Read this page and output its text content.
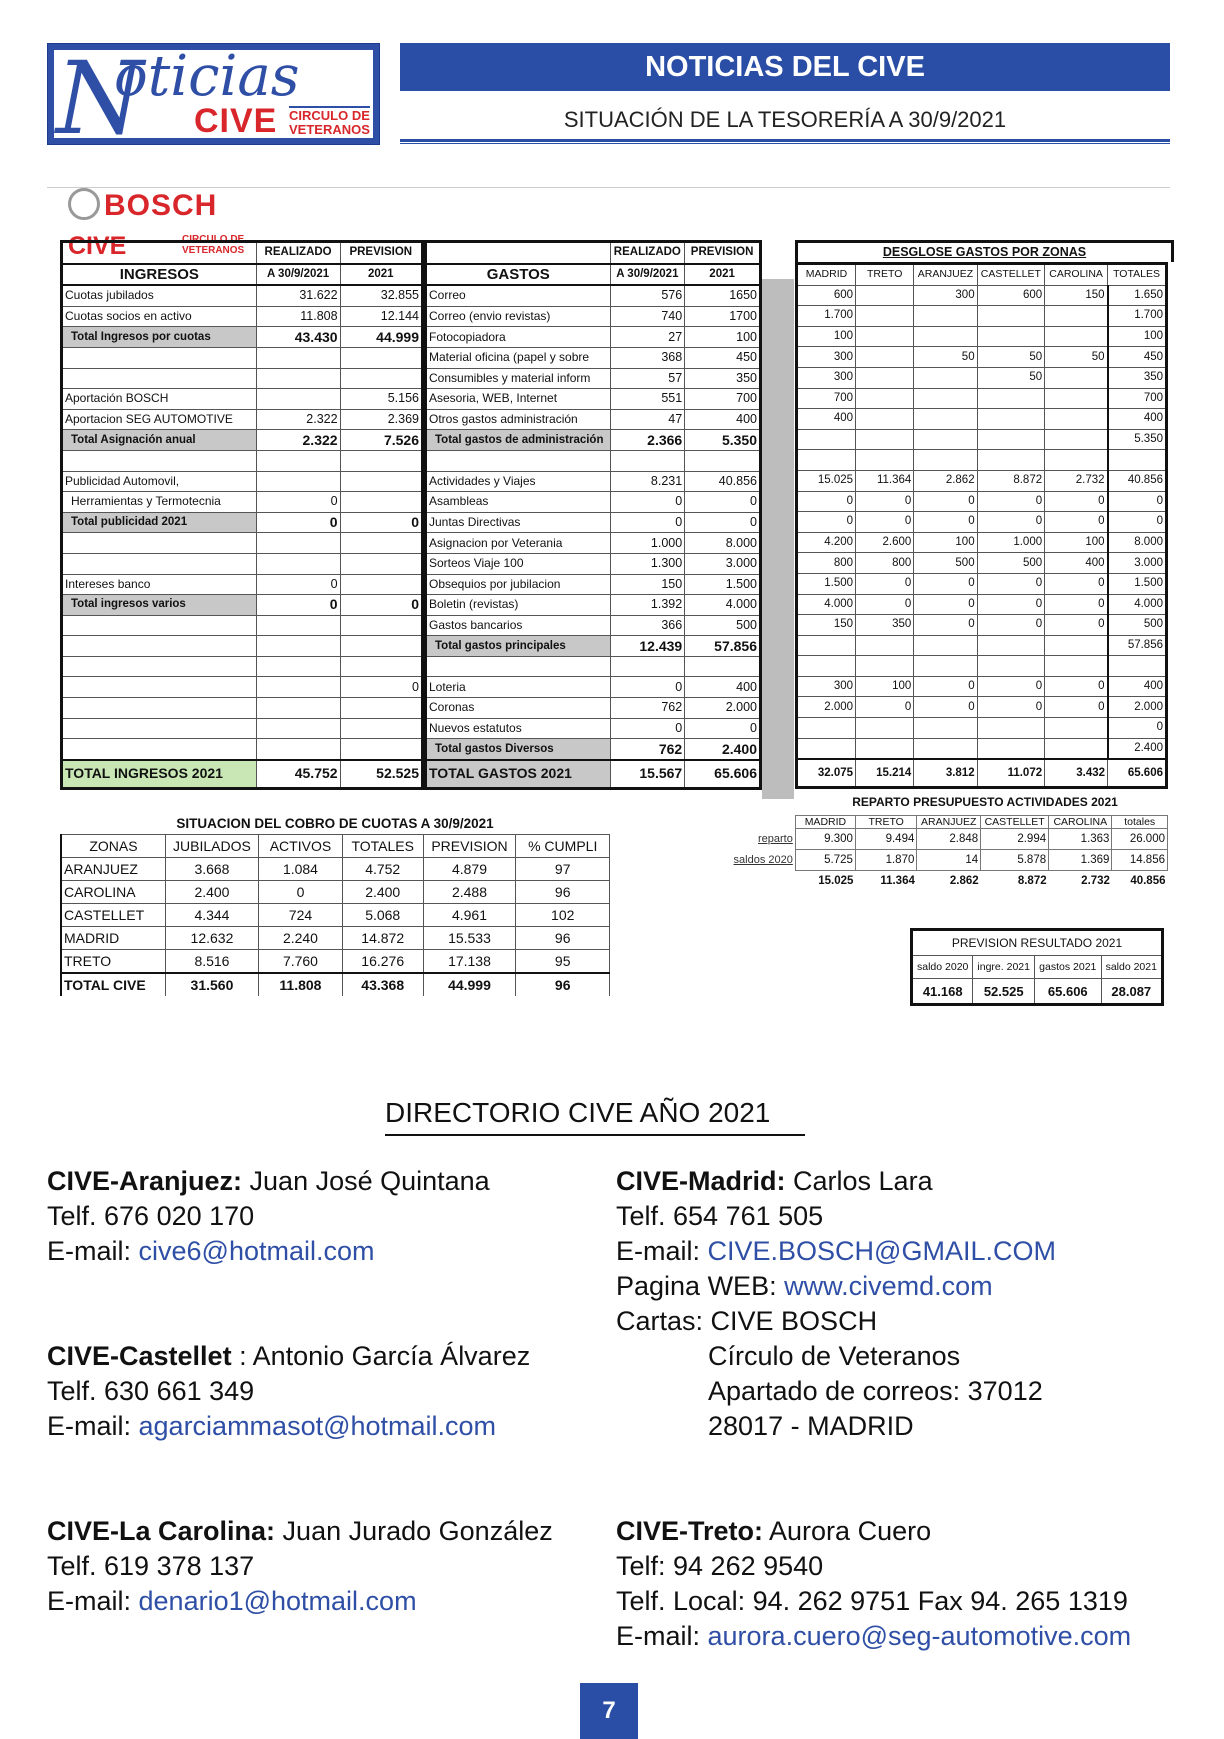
N
oticias
CIVE CIRCULO DE
VETERANOS
NOTICIAS DEL CIVE
SITUACIÓN DE LA TESORERÍA A 30/9/2021
BOSCH
CIVE	CIRCULO DE
VETERANOS
	REALIZADO	PREVISION
INGRESOS	A 30/9/2021	2021
Cuotas jubilados	31.622	32.855
Cuotas socios en activo	11.808	12.144
Total Ingresos por cuotas	43.430	44.999

Aportación BOSCH		5.156
Aportacion SEG AUTOMOTIVE	2.322	2.369
Total Asignación anual	2.322	7.526

Publicidad Automovil,		
Herramientas y Termotecnia	0	
Total publicidad 2021	0	0

Intereses banco	0	
Total ingresos varios	0	0

		0

TOTAL INGRESOS 2021	45.752	52.525
	REALIZADO	PREVISION
GASTOS	A 30/9/2021	2021
Correo	576	1650
Correo (envio revistas)	740	1700
Fotocopiadora	27	100
Material oficina (papel y sobre	368	450
Consumibles y material inform	57	350
Asesoria, WEB, Internet	551	700
Otros gastos administración	47	400
Total gastos de administración	2.366	5.350

Actividades y Viajes	8.231	40.856
Asambleas	0	0
Juntas Directivas	0	0
Asignacion por Veterania	1.000	8.000
Sorteos Viaje 100	1.300	3.000
Obsequios por jubilacion	150	1.500
Boletin (revistas)	1.392	4.000
Gastos bancarios	366	500
Total gastos principales	12.439	57.856

Loteria	0	400
Coronas	762	2.000
Nuevos estatutos	0	0
Total gastos Diversos	762	2.400
TOTAL GASTOS 2021	15.567	65.606
DESGLOSE GASTOS POR ZONAS
MADRID	TRETO	ARANJUEZ	CASTELLET	CAROLINA	TOTALES
600		300	600	150	1.650
1.700					1.700
100					100
300		50	50	50	450
300			50		350
700					700
400					400
					5.350

15.025	11.364	2.862	8.872	2.732	40.856
0	0	0	0	0	0
0	0	0	0	0	0
4.200	2.600	100	1.000	100	8.000
800	800	500	500	400	3.000
1.500	0	0	0	0	1.500
4.000	0	0	0	0	4.000
150	350	0	0	0	500
					57.856

300	100	0	0	0	400
2.000	0	0	0	0	2.000
					0
					2.400
32.075	15.214	3.812	11.072	3.432	65.606
REPARTO PRESUPUESTO ACTIVIDADES 2021
	MADRID	TRETO	ARANJUEZ	CASTELLET	CAROLINA	totales
reparto	9.300	9.494	2.848	2.994	1.363	26.000
saldos 2020	5.725	1.870	14	5.878	1.369	14.856
	15.025	11.364	2.862	8.872	2.732	40.856
SITUACION DEL COBRO DE CUOTAS A 30/9/2021
ZONAS	JUBILADOS	ACTIVOS	TOTALES	PREVISION	% CUMPLI
ARANJUEZ	3.668	1.084	4.752	4.879	97
CAROLINA	2.400	0	2.400	2.488	96
CASTELLET	4.344	724	5.068	4.961	102
MADRID	12.632	2.240	14.872	15.533	96
TRETO	8.516	7.760	16.276	17.138	95
TOTAL CIVE	31.560	11.808	43.368	44.999	96
PREVISION RESULTADO 2021			
saldo 2020	ingre. 2021	gastos 2021	saldo 2021
41.168	52.525	65.606	28.087
DIRECTORIO CIVE AÑO 2021
CIVE-Aranjuez: Juan José Quintana
Telf. 676 020 170
E-mail: cive6@hotmail.com
CIVE-Castellet : Antonio García Álvarez
Telf. 630 661 349
E-mail: agarciammasot@hotmail.com
CIVE-La Carolina: Juan Jurado González
Telf. 619 378 137
E-mail: denario1@hotmail.com
CIVE-Madrid: Carlos Lara
Telf. 654 761 505
E-mail: CIVE.BOSCH@GMAIL.COM
Pagina WEB: www.civemd.com
Cartas: CIVE BOSCH
Círculo de Veteranos
Apartado de correos: 37012
28017 - MADRID
CIVE-Treto: Aurora Cuero
Telf: 94 262 9540
Telf. Local: 94. 262 9751 Fax 94. 265 1319
E-mail: aurora.cuero@seg-automotive.com
7
